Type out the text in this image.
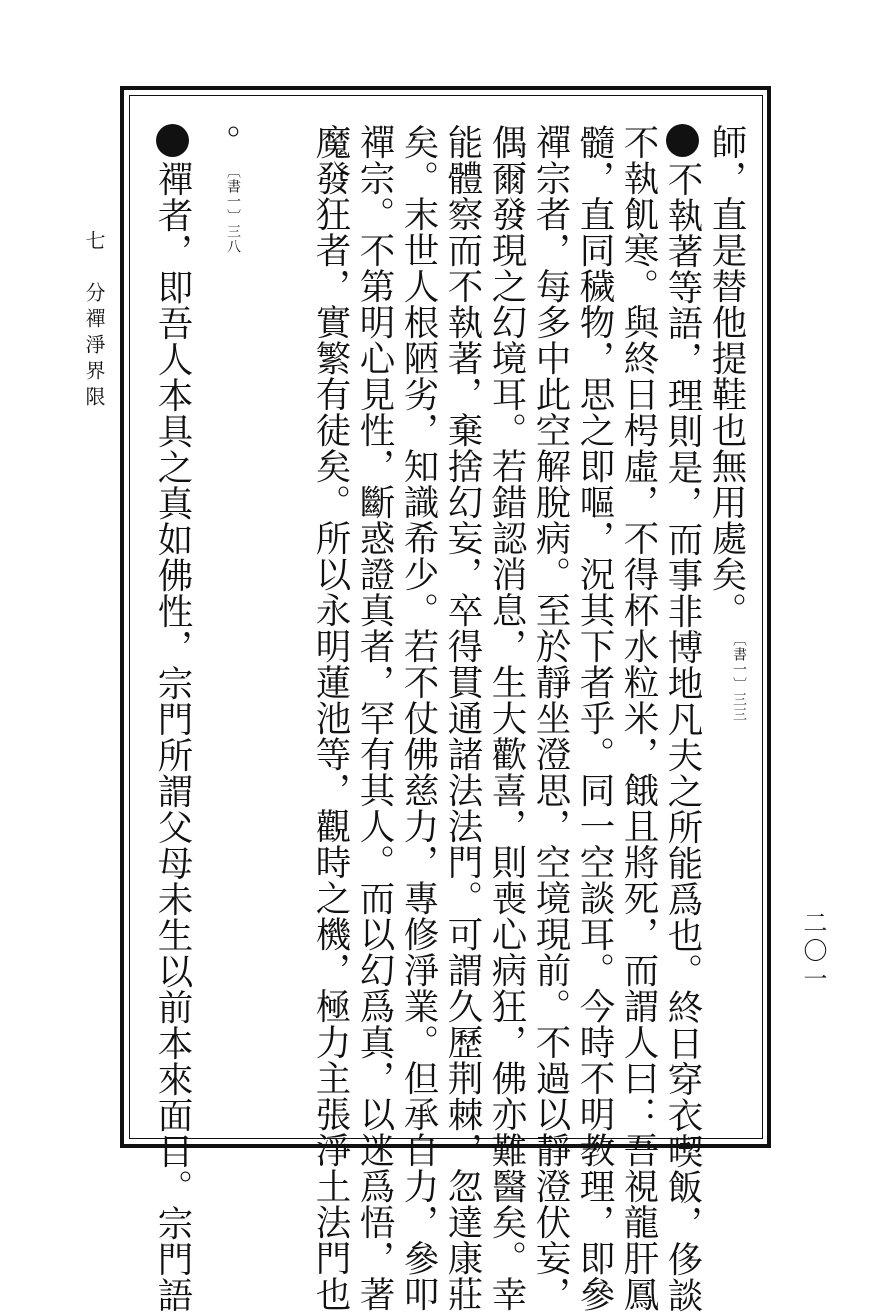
七　分禪淨界限
二〇一
師，直是替他提鞋也無用處矣。〔書一〕三三
不執著等語，理則是，而事非博地凡夫之所能爲也。終日穿衣喫飯，侈談
不執飢寒。與終日枵虛，不得杯水粒米，餓且將死，而謂人曰：吾視龍肝鳳
髓，直同穢物，思之即嘔，況其下者乎。同一空談耳。今時不明教理，即參
禪宗者，每多中此空解脫病。至於靜坐澄思，空境現前。不過以靜澄伏妄，
偶爾發現之幻境耳。若錯認消息，生大歡喜，則喪心病狂，佛亦難醫矣。幸
能體察而不執著，棄捨幻妄，卒得貫通諸法法門。可謂久歷荆棘，忽達康莊
矣。末世人根陋劣，知識希少。若不仗佛慈力，專修淨業。但承自力，參叩
禪宗。不第明心見性，斷惑證真者，罕有其人。而以幻爲真，以迷爲悟，著
魔發狂者，實繁有徒矣。所以永明蓮池等，觀時之機，極力主張淨土法門也
。〔書一〕三八
禪者，即吾人本具之真如佛性，宗門所謂父母未生以前本來面目。宗門語
